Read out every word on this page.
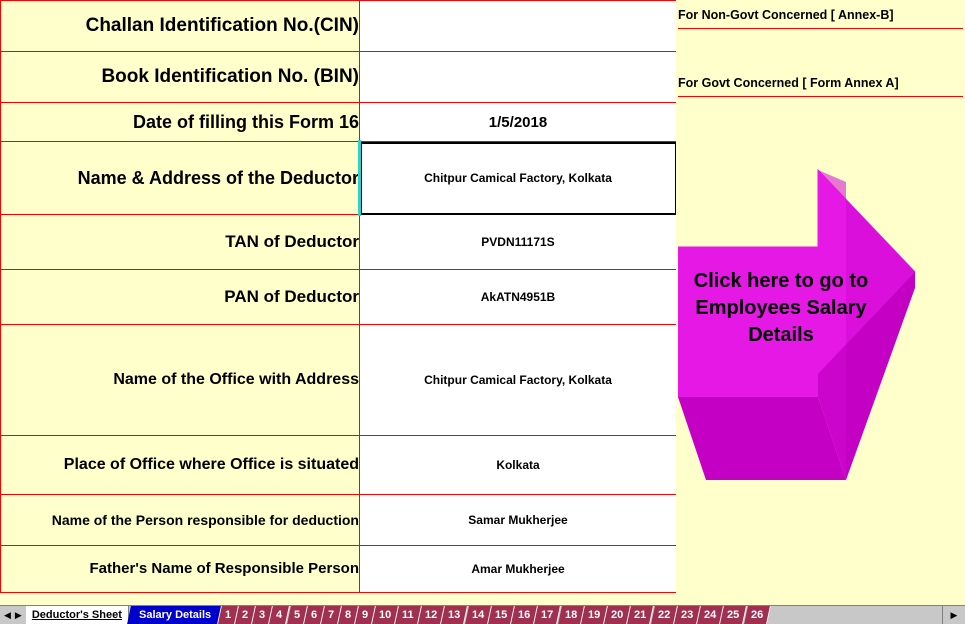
Challan Identification No.(CIN)	
Book Identification No. (BIN)	
Date of filling this Form 16	1/5/2018
Name & Address of the Deductor	Chitpur Camical Factory, Kolkata
TAN of Deductor	PVDN11171S
PAN of Deductor	AkATN4951B
Name of the Office with Address	Chitpur Camical Factory, Kolkata
Place of Office where Office is situated	Kolkata
Name of the Person responsible for deduction	Samar Mukherjee
Father's Name of Responsible Person	Amar Mukherjee
For Non-Govt Concerned [ Annex-B]
For Govt Concerned [ Form Annex A]
Click here to go to Employees Salary Details
◀ ▶ Deductor's Sheet Salary Details 1 2 3 4 5 6 7 8 9 10 11 12 13 14 15 16 17 18 19 20 21 22 23 24 25 26	▶
